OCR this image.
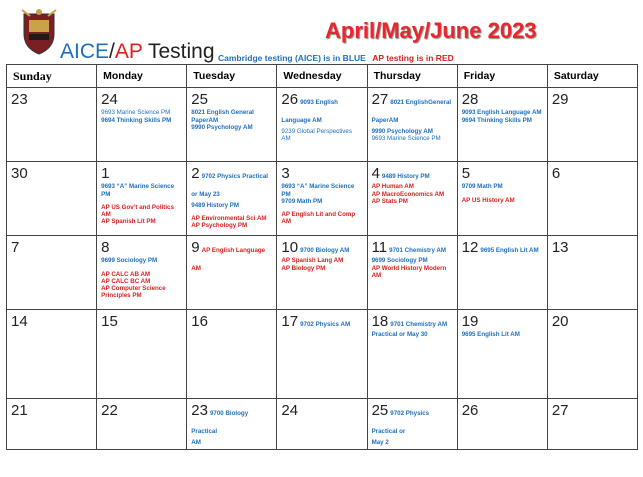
April/May/June 2023
AICE/AP Testing Cambridge testing (AICE) is in BLUE AP testing is in RED
Sunday	Monday	Tuesday	Wednesday	Thursday	Friday	Saturday

23	24
9693 Marine Science PM
9694 Thinking Skills PM	25
8021 English General PaperAM
9990 Psychology AM	26 9093 English Language AM
9239 Global Perspectives AM	27 8021 EnglishGeneral PaperAM
9990 Psychology AM
9693 Marine Science PM	28
9093 English Language AM
9694 Thinking Skills PM	29

30	1
9693 “A” Marine Science PM
AP US Gov’t and Politics AM
AP Spanish Lit PM	2 9702 Physics Practical or May 23
9489 History PM
AP Environmental Sci AM
AP Psychology PM	3
9693 “A” Marine Science PM
9709 Math PM
AP English Lit and Comp AM	4 9489 History PM
AP Human AM
AP MacroEconomics AM
AP Stats PM	5
9709 Math PM
AP US History AM	6

7	8
9699 Sociology PM
AP CALC AB AM
AP CALC BC AM
AP Computer Science Principles PM	9 AP English Language AM	10 9700 Biology AM
AP Spanish Lang AM
AP Biology PM	11 9701 Chemistry AM
9699 Sociology PM
AP World History Modern AM	12 9695 English Lit AM	13

14	15	16	17 9702 Physics AM	18 9701 Chemistry AM
Practical or May 30	19
9695 English Lit AM	20

21	22	23 9700 Biology Practical
AM	24	25 9702 Physics Practical or
May 2	26	27
